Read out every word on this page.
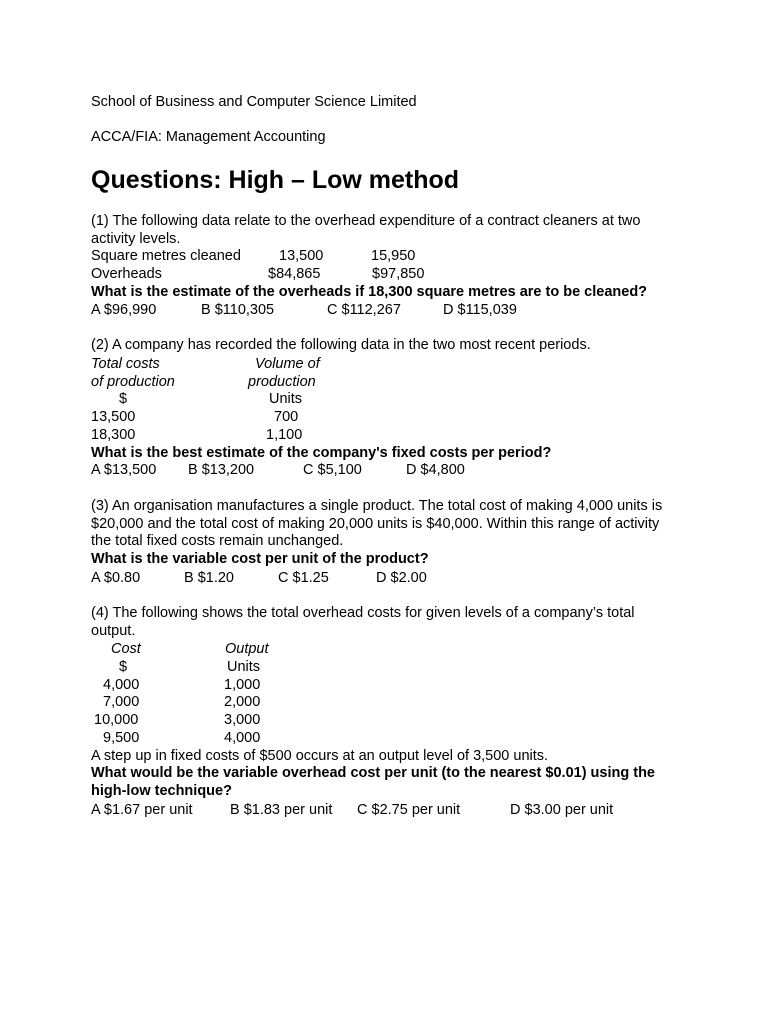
School of Business and Computer Science Limited
ACCA/FIA: Management Accounting
Questions: High – Low method
(1) The following data relate to the overhead expenditure of a contract cleaners at two activity levels.
Square metres cleaned	13,500	15,950
Overheads	$84,865	$97,850
What is the estimate of the overheads if 18,300 square metres are to be cleaned?
A $96,990	B $110,305	C $112,267	D $115,039
(2) A company has recorded the following data in the two most recent periods.
Total costs	Volume of
of production	production
$	Units
13,500	700
18,300	1,100
What is the best estimate of the company's fixed costs per period?
A $13,500 B $13,200	C $5,100	D $4,800
(3) An organisation manufactures a single product. The total cost of making 4,000 units is $20,000 and the total cost of making 20,000 units is $40,000. Within this range of activity the total fixed costs remain unchanged.
What is the variable cost per unit of the product?
A $0.80	B $1.20	C $1.25	D $2.00
(4) The following shows the total overhead costs for given levels of a company’s total output.
Cost	Output
$	Units
4,000	1,000
7,000	2,000
10,000	3,000
9,500	4,000
A step up in fixed costs of $500 occurs at an output level of 3,500 units.
What would be the variable overhead cost per unit (to the nearest $0.01) using the high-low technique?
A $1.67 per unit	B $1.83 per unit C $2.75 per unit	D $3.00 per unit
